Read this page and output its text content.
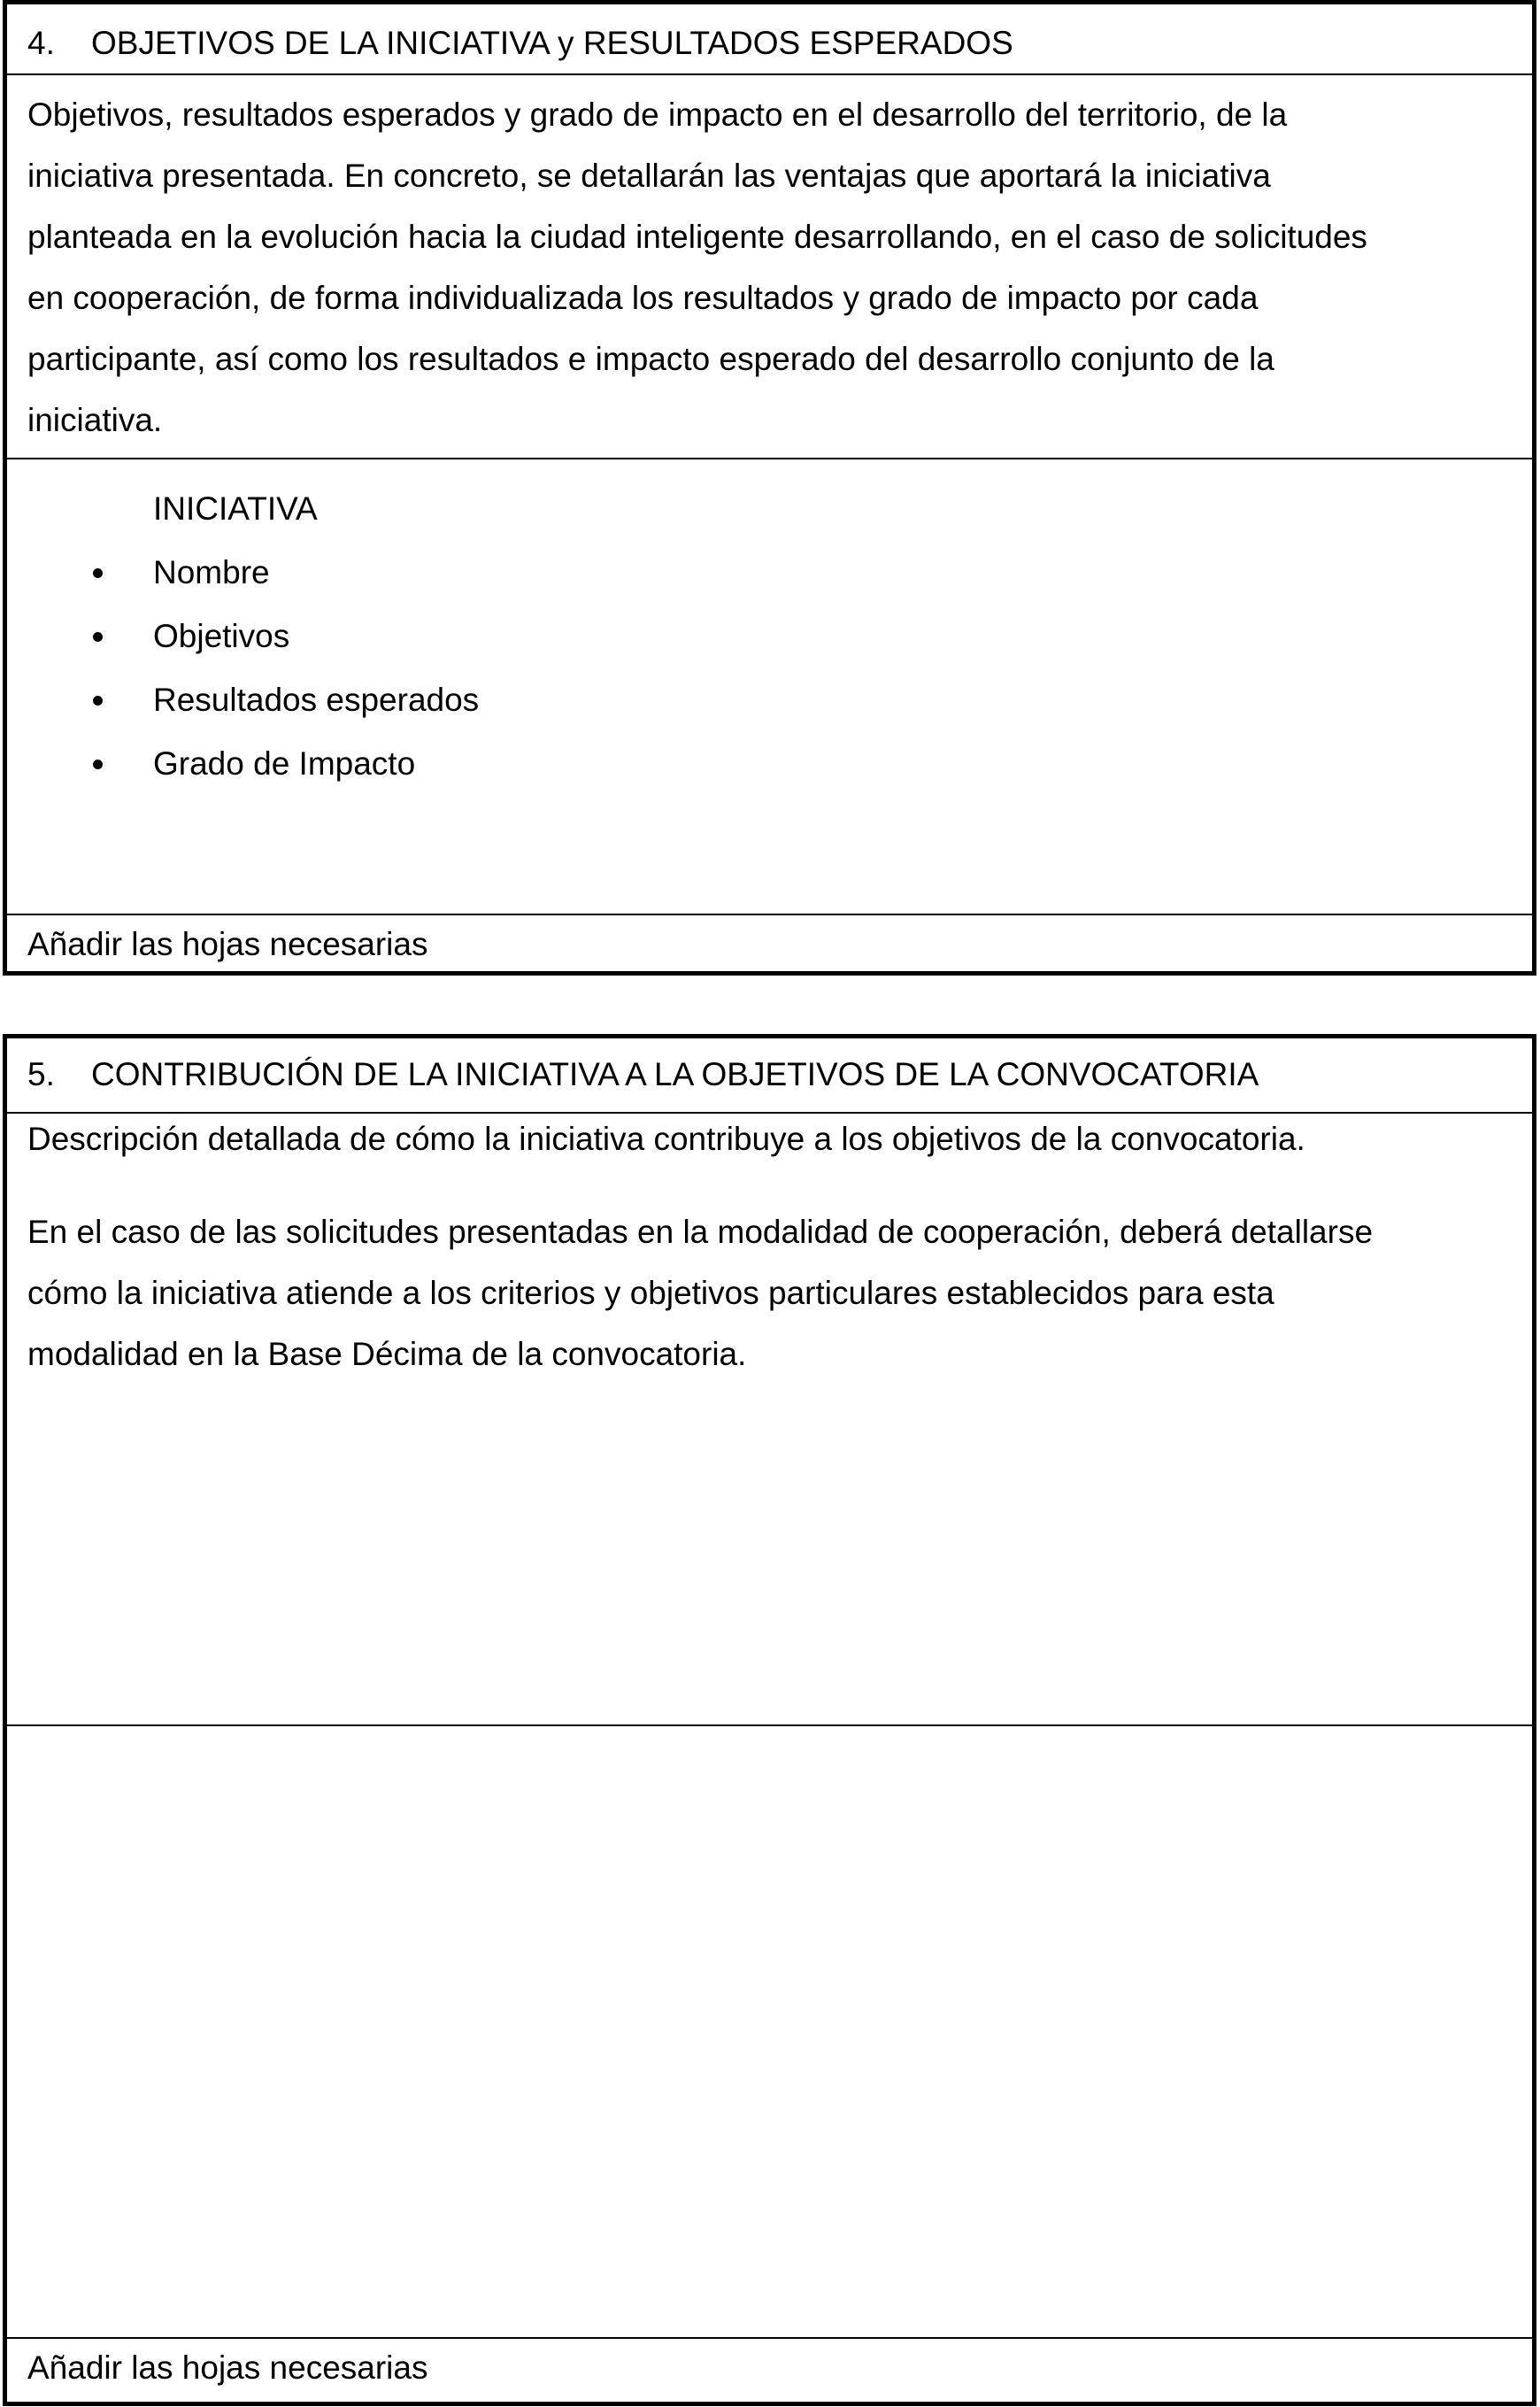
4. OBJETIVOS DE LA INICIATIVA y RESULTADOS ESPERADOS
Objetivos, resultados esperados y grado de impacto en el desarrollo del territorio, de la
iniciativa presentada. En concreto, se detallarán las ventajas que aportará la iniciativa
planteada en la evolución hacia la ciudad inteligente desarrollando, en el caso de solicitudes
en cooperación, de forma individualizada los resultados y grado de impacto por cada
participante, así como los resultados e impacto esperado del desarrollo conjunto de la
iniciativa.
INICIATIVA
Nombre
Objetivos
Resultados esperados
Grado de Impacto
Añadir las hojas necesarias
5. CONTRIBUCIÓN DE LA INICIATIVA A LA OBJETIVOS DE LA CONVOCATORIA
Descripción detallada de cómo la iniciativa contribuye a los objetivos de la convocatoria.
En el caso de las solicitudes presentadas en la modalidad de cooperación, deberá detallarse
cómo la iniciativa atiende a los criterios y objetivos particulares establecidos para esta
modalidad en la Base Décima de la convocatoria.
Añadir las hojas necesarias
